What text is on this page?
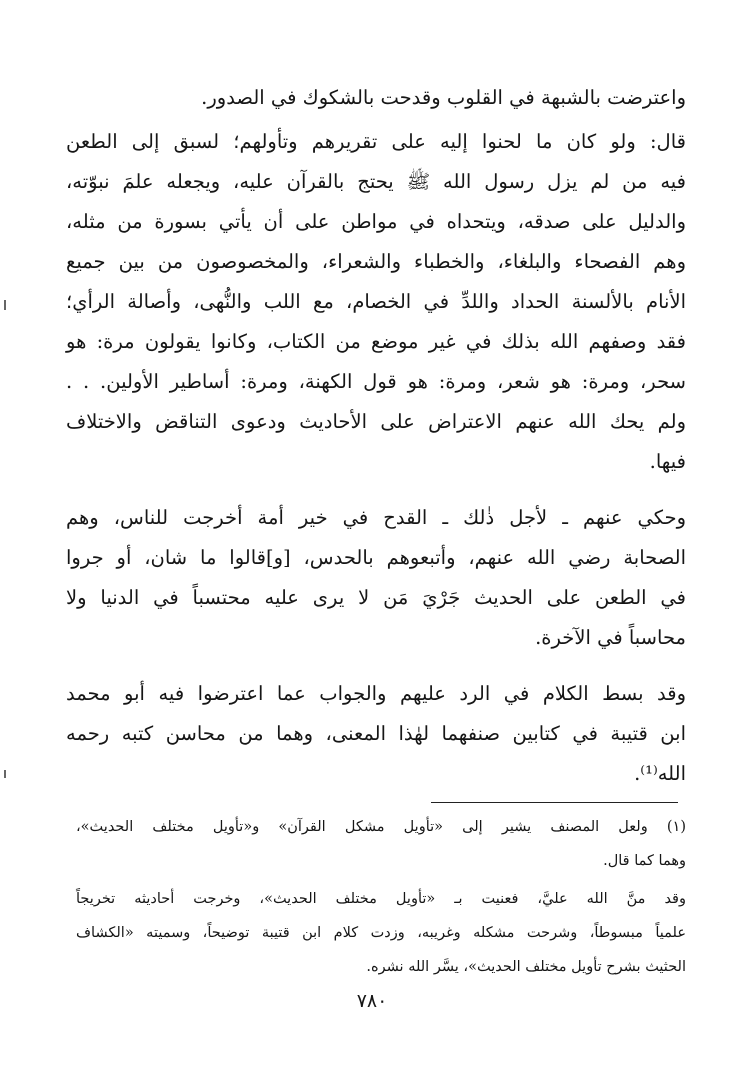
واعترضت بالشبهة في القلوب وقدحت بالشكوك في الصدور.

قال: ولو كان ما لحنوا إليه على تقريرهم وتأولهم؛ لسبق إلى الطعن
فيه من لم يزل رسول الله ﷺ يحتج بالقرآن عليه، ويجعله علمَ نبوّته،
والدليل على صدقه، ويتحداه في مواطن على أن يأتي بسورة من مثله،
وهم الفصحاء والبلغاء، والخطباء والشعراء، والمخصوصون من بين جميع
الأنام بالألسنة الحداد واللدِّ في الخصام، مع اللب والنُّهى، وأصالة الرأي؛
فقد وصفهم الله بذلك في غير موضع من الكتاب، وكانوا يقولون مرة: هو
سحر، ومرة: هو شعر، ومرة: هو قول الكهنة، ومرة: أساطير الأولين. . .
ولم يحك الله عنهم الاعتراض على الأحاديث ودعوى التناقض والاختلاف
فيها.

وحكي عنهم ـ لأجل ذٰلك ـ القدح في خير أمة أخرجت للناس، وهم
الصحابة رضي الله عنهم، وأتبعوهم بالحدس، [و]قالوا ما شان، أو جروا
في الطعن على الحديث جَرْيَ مَن لا يرى عليه محتسباً في الدنيا ولا
محاسباً في الآخرة.

وقد بسط الكلام في الرد عليهم والجواب عما اعترضوا فيه أبو محمد
ابن قتيبة في كتابين صنفهما لهٰذا المعنى، وهما من محاسن كتبه رحمه
الله⁽¹⁾.

(١) ولعل المصنف يشير إلى «تأويل مشكل القرآن» و«تأويل مختلف الحديث»،
وهما كما قال.
وقد منَّ الله عليَّ، فعنيت بـ «تأويل مختلف الحديث»، وخرجت أحاديثه تخريجاً
علمياً مبسوطاً، وشرحت مشكله وغريبه، وزدت كلام ابن قتيبة توضيحاً، وسميته «الكشاف
الحثيث بشرح تأويل مختلف الحديث»، يسَّر الله نشره.
٧٨٠
